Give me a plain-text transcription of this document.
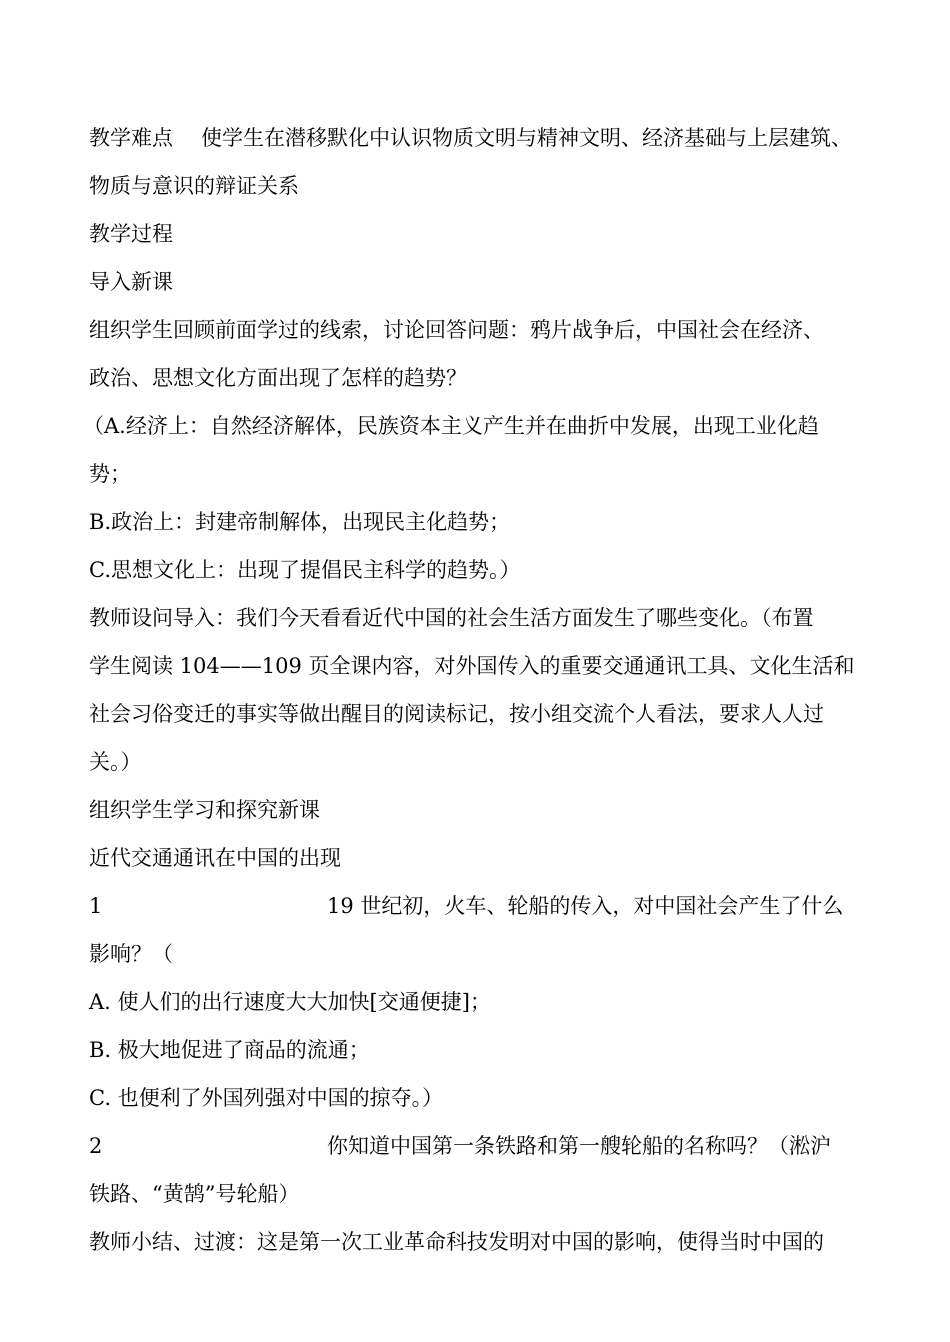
教学难点 使学生在潜移默化中认识物质文明与精神文明、经济基础与上层建筑、
物质与意识的辩证关系
教学过程
导入新课
组织学生回顾前面学过的线索，讨论回答问题：鸦片战争后，中国社会在经济、
政治、思想文化方面出现了怎样的趋势？
（A.经济上：自然经济解体，民族资本主义产生并在曲折中发展，出现工业化趋
势；
B.政治上：封建帝制解体，出现民主化趋势；
C.思想文化上：出现了提倡民主科学的趋势。）
教师设问导入：我们今天看看近代中国的社会生活方面发生了哪些变化。（布置
学生阅读 104——109 页全课内容，对外国传入的重要交通通讯工具、文化生活和
社会习俗变迁的事实等做出醒目的阅读标记，按小组交流个人看法，要求人人过
关。）
组织学生学习和探究新课
近代交通通讯在中国的出现
1	19 世纪初，火车、轮船的传入，对中国社会产生了什么
影响？（
A. 使人们的出行速度大大加快[交通便捷]；
B. 极大地促进了商品的流通；
C. 也便利了外国列强对中国的掠夺。）
2	你知道中国第一条铁路和第一艘轮船的名称吗？（淞沪
铁路、“黄鹄”号轮船）
教师小结、过渡：这是第一次工业革命科技发明对中国的影响，使得当时中国的
